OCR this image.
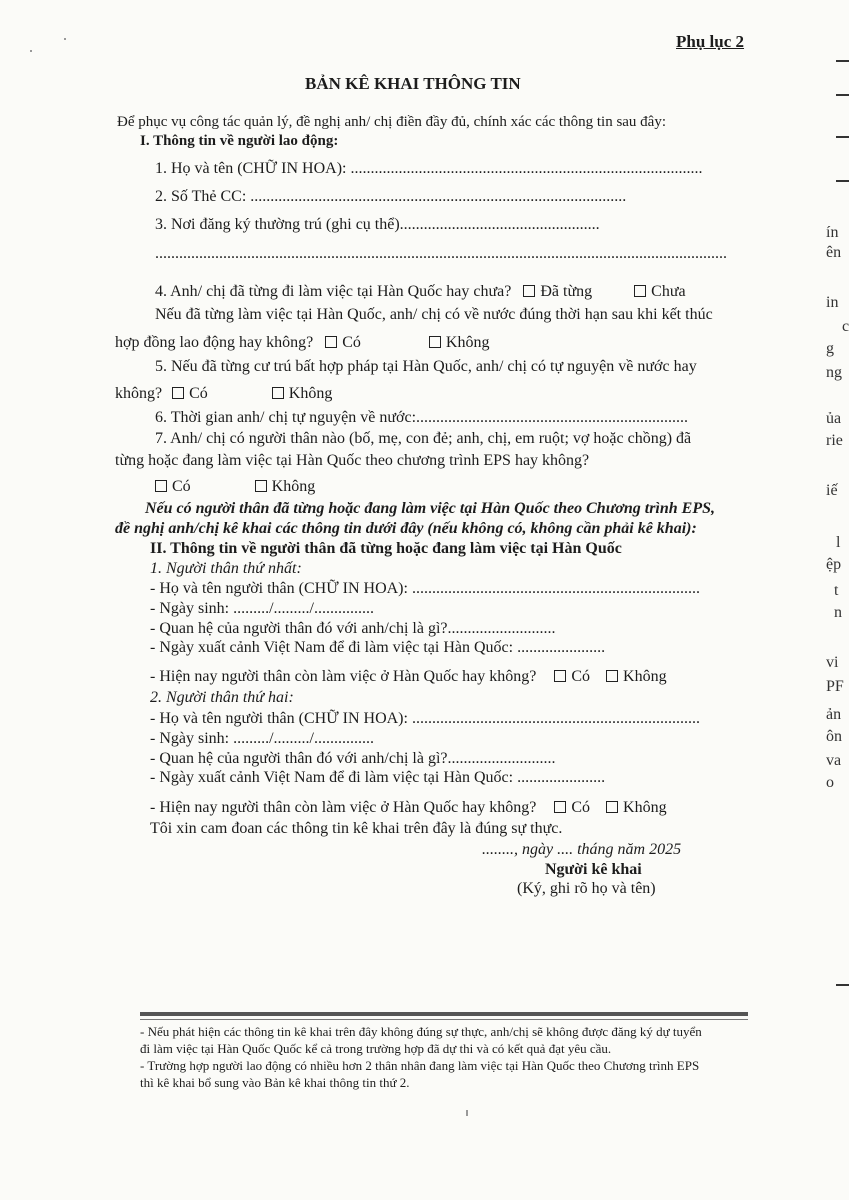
Phụ lục 2
BẢN KÊ KHAI THÔNG TIN
Để phục vụ công tác quản lý, đề nghị anh/ chị điền đầy đủ, chính xác các thông tin sau đây:
I. Thông tin về người lao động:
1. Họ và tên (CHỮ IN HOA): ........................................................................................
2. Số Thẻ CC: ..............................................................................................
3. Nơi đăng ký thường trú (ghi cụ thể)..................................................
...............................................................................................................................................
4. Anh/ chị đã từng đi làm việc tại Hàn Quốc hay chưa? Đã từng	Chưa
Nếu đã từng làm việc tại Hàn Quốc, anh/ chị có về nước đúng thời hạn sau khi kết thúc
hợp đồng lao động hay không? Có	Không
5. Nếu đã từng cư trú bất hợp pháp tại Hàn Quốc, anh/ chị có tự nguyện về nước hay
không? Có	Không
6. Thời gian anh/ chị tự nguyện về nước:....................................................................
7. Anh/ chị có người thân nào (bố, mẹ, con đẻ; anh, chị, em ruột; vợ hoặc chồng) đã
từng hoặc đang làm việc tại Hàn Quốc theo chương trình EPS hay không?
Có	Không
Nếu có người thân đã từng hoặc đang làm việc tại Hàn Quốc theo Chương trình EPS,
đề nghị anh/chị kê khai các thông tin dưới đây (nếu không có, không cần phải kê khai):
II. Thông tin về người thân đã từng hoặc đang làm việc tại Hàn Quốc
1. Người thân thứ nhất:
- Họ và tên người thân (CHỮ IN HOA): ........................................................................
- Ngày sinh: ........./........./...............
- Quan hệ của người thân đó với anh/chị là gì?...........................
- Ngày xuất cảnh Việt Nam để đi làm việc tại Hàn Quốc: ......................
- Hiện nay người thân còn làm việc ở Hàn Quốc hay không? Có Không
2. Người thân thứ hai:
- Họ và tên người thân (CHỮ IN HOA): ........................................................................
- Ngày sinh: ........./........./...............
- Quan hệ của người thân đó với anh/chị là gì?...........................
- Ngày xuất cảnh Việt Nam để đi làm việc tại Hàn Quốc: ......................
- Hiện nay người thân còn làm việc ở Hàn Quốc hay không? Có Không
Tôi xin cam đoan các thông tin kê khai trên đây là đúng sự thực.
........, ngày .... tháng năm 2025
Người kê khai
(Ký, ghi rõ họ và tên)
- Nếu phát hiện các thông tin kê khai trên đây không đúng sự thực, anh/chị sẽ không được đăng ký dự tuyển
đi làm việc tại Hàn Quốc Quốc kể cả trong trường hợp đã dự thi và có kết quả đạt yêu cầu.
- Trường hợp người lao động có nhiều hơn 2 thân nhân đang làm việc tại Hàn Quốc theo Chương trình EPS
thì kê khai bổ sung vào Bản kê khai thông tin thứ 2.
ín
ên
in
c
g
ng
ủa
rie
iế
l
ệp
t
n
vi
PF
ản
ôn
va
o
